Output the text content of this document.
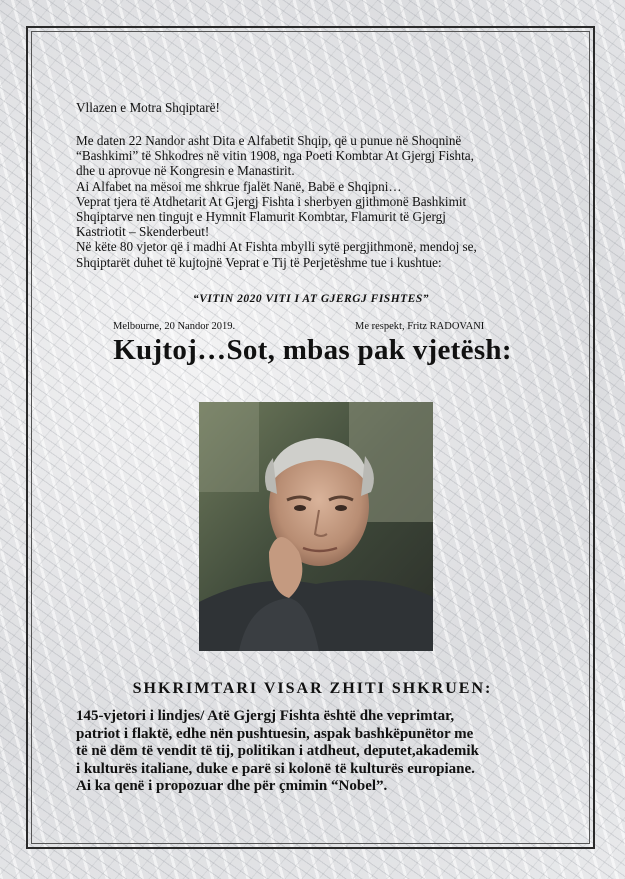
Vllazen e Motra Shqiptarë!

Me daten 22 Nandor asht Dita e Alfabetit Shqip, që u punue në Shoqninë

“Bashkimi” të Shkodres në vitin 1908, nga Poeti Kombtar At Gjergj Fishta,

dhe u aprovue në Kongresin e Manastirit.

Ai Alfabet na mësoi me shkrue fjalët Nanë, Babë e Shqipni…

Veprat tjera të Atdhetarit At Gjergj Fishta i sherbyen gjithmonë Bashkimit

Shqiptarve nen tingujt e Hymnit Flamurit Kombtar, Flamurit të Gjergj

Kastriotit – Skenderbeut!

Në këte 80 vjetor që i madhi At Fishta mbylli sytë pergjithmonë, mendoj se,

Shqiptarët duhet të kujtojnë Veprat e Tij të Perjetëshme tue i kushtue:

“VITIN 2020 VITI I AT GJERGJ FISHTES”
Melbourne, 20 Nandor 2019.	Me respekt, Fritz RADOVANI
Kujtoj…Sot, mbas pak vjetësh:
SHKRIMTARI VISAR ZHITI SHKRUEN:
145-vjetori i lindjes/ Atë Gjergj Fishta është dhe veprimtar,
patriot i flaktë, edhe nën pushtuesin, aspak bashkëpunëtor me
të në dëm të vendit të tij, politikan i atdheut, deputet,akademik
i kulturës italiane, duke e parë si kolonë të kulturës europiane.
Ai ka qenë i propozuar dhe për çmimin “Nobel”.
